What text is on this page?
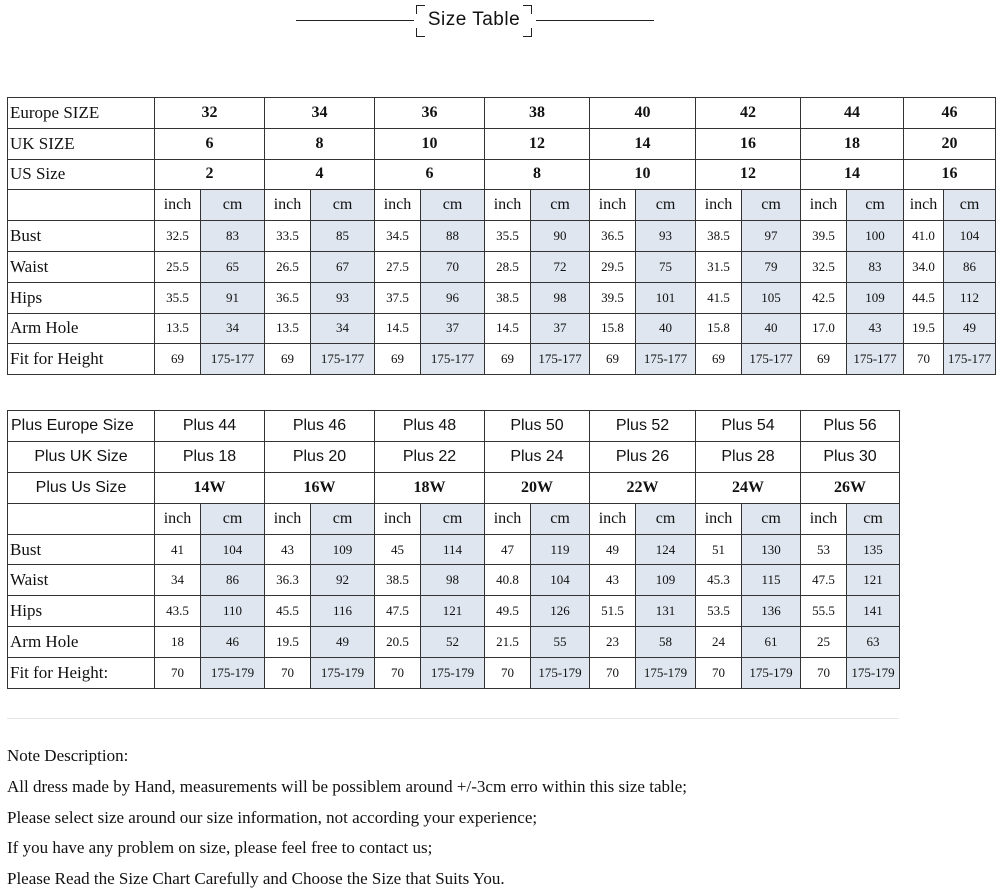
Size Table
Europe SIZE	32		34		36		38		40		42		44		46	
UK SIZE	6		8		10		12		14		16		18		20	
US Size	2		4		6		8		10		12		14		16	
	inch	cm	inch	cm	inch	cm	inch	cm	inch	cm	inch	cm	inch	cm	inch	cm
Bust	32.5	83	33.5	85	34.5	88	35.5	90	36.5	93	38.5	97	39.5	100	41.0	104
Waist	25.5	65	26.5	67	27.5	70	28.5	72	29.5	75	31.5	79	32.5	83	34.0	86
Hips	35.5	91	36.5	93	37.5	96	38.5	98	39.5	101	41.5	105	42.5	109	44.5	112
Arm Hole	13.5	34	13.5	34	14.5	37	14.5	37	15.8	40	15.8	40	17.0	43	19.5	49
Fit for Height	69	175-177	69	175-177	69	175-177	69	175-177	69	175-177	69	175-177	69	175-177	70	175-177
Plus Europe Size	Plus 44		Plus 46		Plus 48		Plus 50		Plus 52		Plus 54		Plus 56	
Plus UK Size	Plus 18		Plus 20		Plus 22		Plus 24		Plus 26		Plus 28		Plus 30	
Plus Us Size	14W		16W		18W		20W		22W		24W		26W	
	inch	cm	inch	cm	inch	cm	inch	cm	inch	cm	inch	cm	inch	cm
Bust	41	104	43	109	45	114	47	119	49	124	51	130	53	135
Waist	34	86	36.3	92	38.5	98	40.8	104	43	109	45.3	115	47.5	121
Hips	43.5	110	45.5	116	47.5	121	49.5	126	51.5	131	53.5	136	55.5	141
Arm Hole	18	46	19.5	49	20.5	52	21.5	55	23	58	24	61	25	63
Fit for Height:	70	175-179	70	175-179	70	175-179	70	175-179	70	175-179	70	175-179	70	175-179
Note Description:
All dress made by Hand, measurements will be possiblem around +/-3cm erro within this size table;
Please select size around our size information, not according your experience;
If you have any problem on size, please feel free to contact us;
Please Read the Size Chart Carefully and Choose the Size that Suits You.
